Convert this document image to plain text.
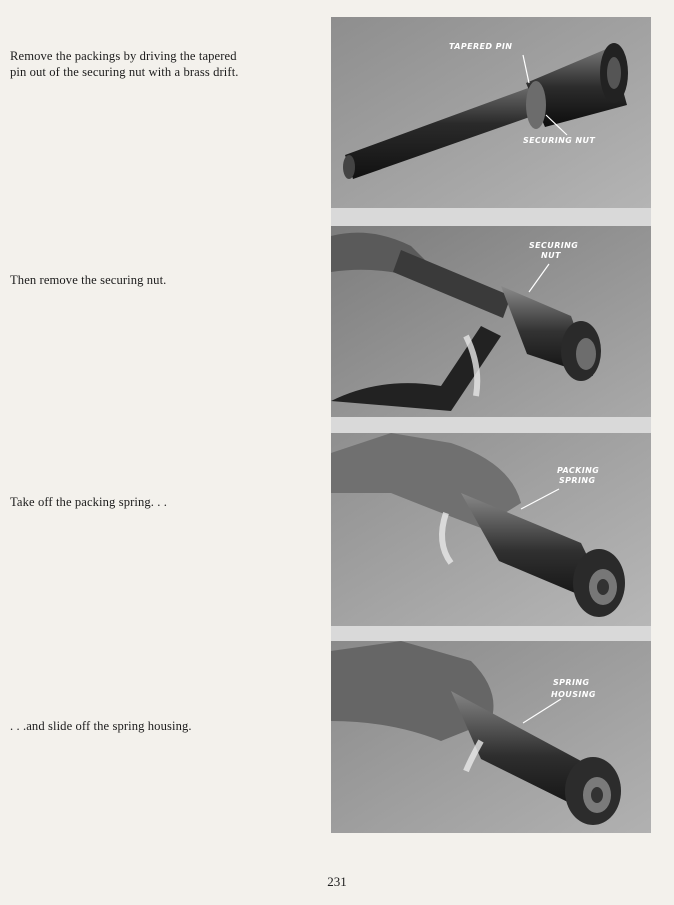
Remove the packings by driving the tapered
pin out of the securing nut with a brass drift.
Then remove the securing nut.
Take off the packing spring. . .
. . .and slide off the spring housing.
TAPERED PIN
SECURING NUT
SECURING
NUT
PACKING
SPRING
SPRING
HOUSING
231
